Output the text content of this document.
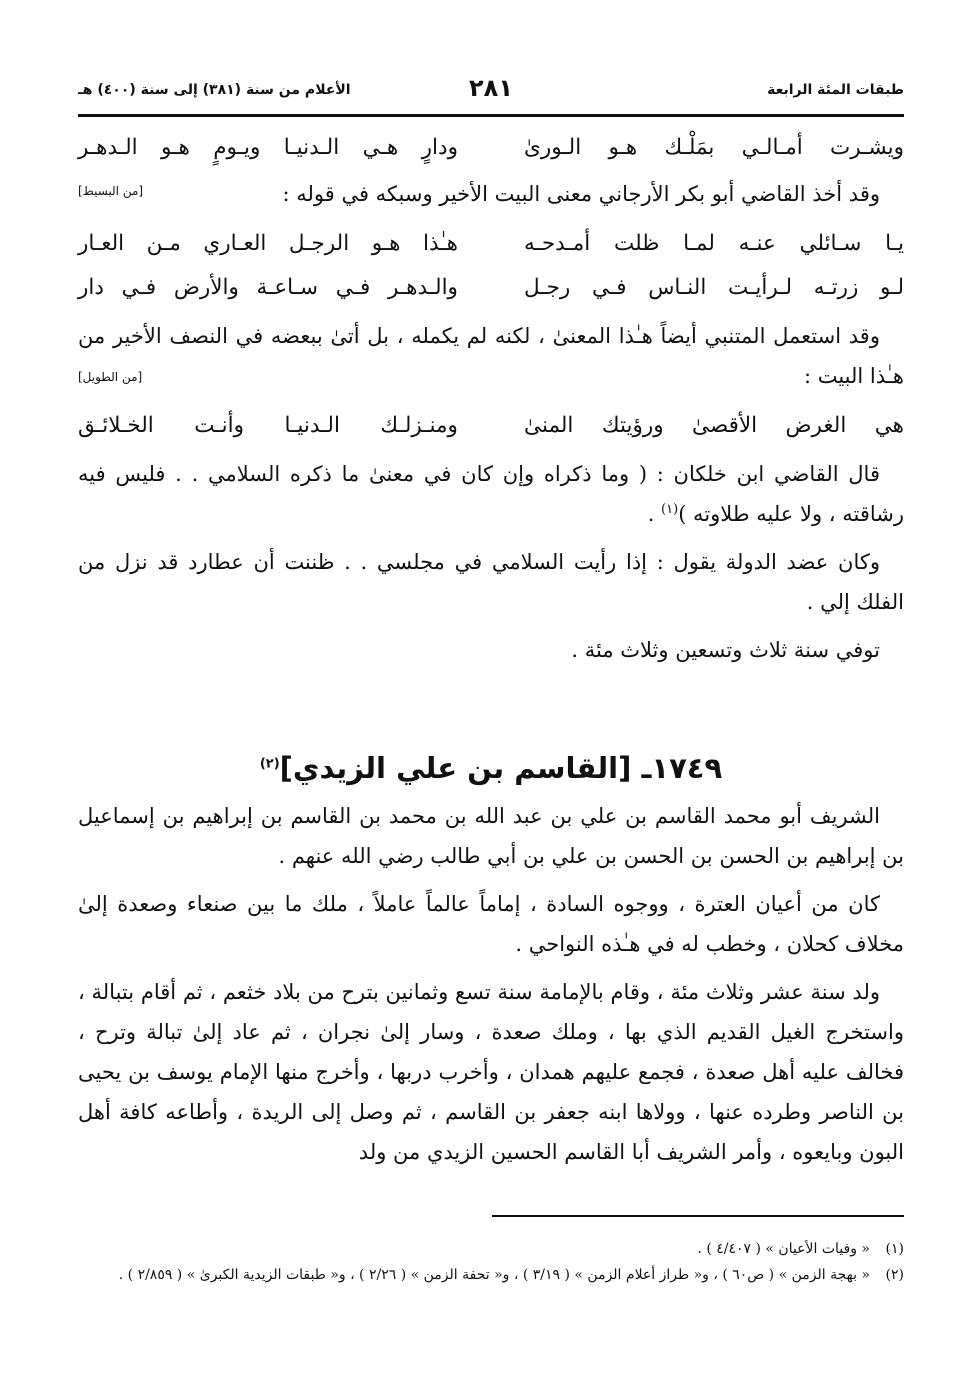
طبقات المئة الرابعة
٢٨١
الأعلام من سنة (٣٨١) إلى سنة (٤٠٠) هـ
ويشـرت أمـالـي بمَلْـك هـو الـورىٰ
ودارٍ هـي الـدنيـا ويـومٍ هـو الـدهـر
وقد أخذ القاضي أبو بكر الأرجاني معنى البيت الأخير وسبكه في قوله :
[من البسيط]
يـا سـائلي عنـه لمـا ظلت أمـدحـه
هـٰذا هـو الرجـل العـاري مـن العـار
لـو زرتـه لـرأيـت النـاس فـي رجـل
والـدهـر فـي سـاعـة والأرض فـي دار
وقد استعمل المتنبي أيضاً هـٰذا المعنىٰ ، لكنه لم يكمله ، بل أتىٰ ببعضه في النصف الأخير من هـٰذا البيت :
[من الطويل]
هي الغرض الأقصىٰ ورؤيتك المنىٰ
ومنـزلـك الـدنيـا وأنـت الخـلائـق

قال القاضي ابن خلكان : ( وما ذكراه وإن كان في معنىٰ ما ذكره السلامي . . فليس فيه رشاقته ، ولا عليه طلاوته )$^{(١)}$ .

وكان عضد الدولة يقول : إذا رأيت السلامي في مجلسي . . ظننت أن عطارد قد نزل من الفلك إلي .

توفي سنة ثلاث وتسعين وثلاث مئة .

١٧٤٩ـ [القاسم بن علي الزيدي]$^{(٢)}$

الشريف أبو محمد القاسم بن علي بن عبد الله بن محمد بن القاسم بن إبراهيم بن إسماعيل بن إبراهيم بن الحسن بن الحسن بن علي بن أبي طالب رضي الله عنهم .

كان من أعيان العترة ، ووجوه السادة ، إماماً عالماً عاملاً ، ملك ما بين صنعاء وصعدة إلىٰ مخلاف كحلان ، وخطب له في هـٰذه النواحي .

ولد سنة عشر وثلاث مئة ، وقام بالإمامة سنة تسع وثمانين بترح من بلاد خثعم ، ثم أقام بتبالة ، واستخرج الغيل القديم الذي بها ، وملك صعدة ، وسار إلىٰ نجران ، ثم عاد إلىٰ تبالة وترح ، فخالف عليه أهل صعدة ، فجمع عليهم همدان ، وأخرب دربها ، وأخرج منها الإمام يوسف بن يحيى بن الناصر وطرده عنها ، وولاها ابنه جعفر بن القاسم ، ثم وصل إلى الريدة ، وأطاعه كافة أهل البون وبايعوه ، وأمر الشريف أبا القاسم الحسين الزيدي من ولد

(١)
« وفيات الأعيان » ( ٤/٤٠٧ ) .
(٢)
« بهجة الزمن » ( ص٦٠ ) ، و« طراز أعلام الزمن » ( ٣/١٩ ) ، و« تحفة الزمن » ( ٢/٢٦ ) ، و« طبقات الزيدية الكبرىٰ » ( ٢/٨٥٩ ) .
